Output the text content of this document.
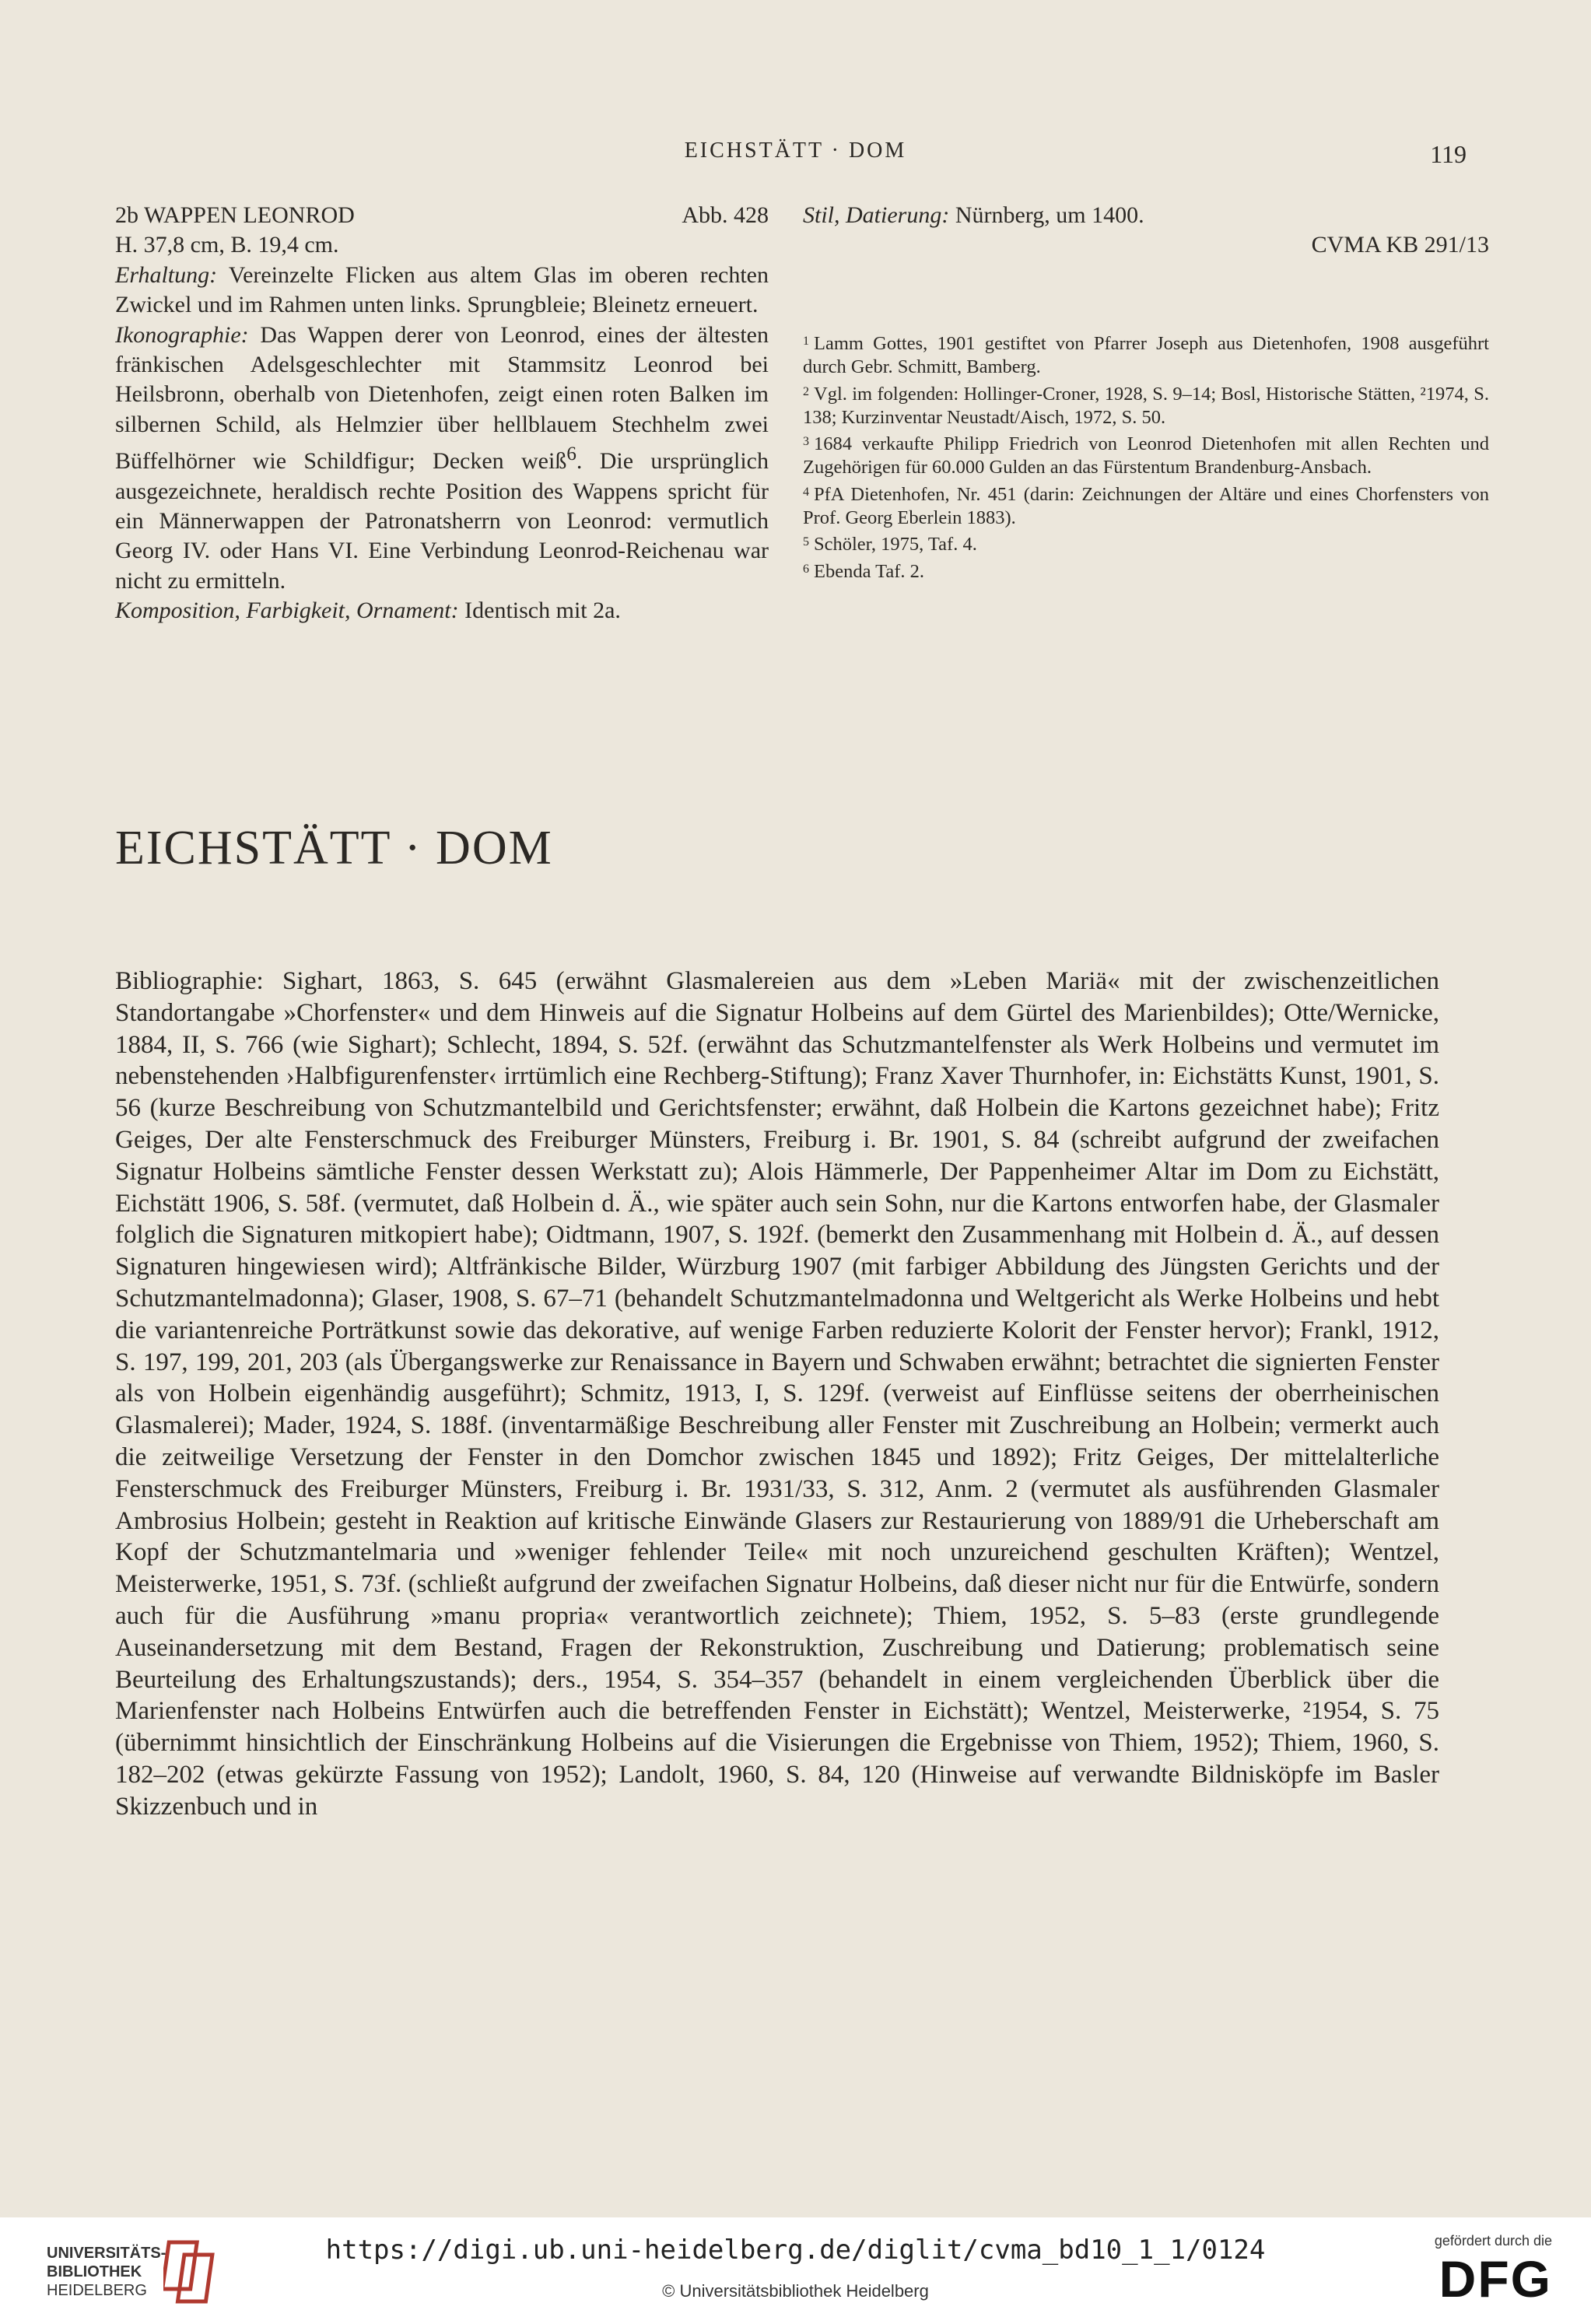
EICHSTÄTT · DOM	119
2b WAPPEN LEONROD	Abb. 428

H. 37,8 cm, B. 19,4 cm.

Erhaltung: Vereinzelte Flicken aus altem Glas im oberen rechten Zwickel und im Rahmen unten links. Sprungbleie; Bleinetz erneuert.

Ikonographie: Das Wappen derer von Leonrod, eines der ältesten fränkischen Adelsgeschlechter mit Stammsitz Leonrod bei Heilsbronn, oberhalb von Dietenhofen, zeigt einen roten Balken im silbernen Schild, als Helmzier über hellblauem Stechhelm zwei Büffelhörner wie Schildfigur; Decken weiß$^6$. Die ursprünglich ausgezeichnete, heraldisch rechte Position des Wappens spricht für ein Männerwappen der Patronatsherrn von Leonrod: vermutlich Georg IV. oder Hans VI. Eine Verbindung Leonrod-Reichenau war nicht zu ermitteln.

Komposition, Farbigkeit, Ornament: Identisch mit 2a.

Stil, Datierung: Nürnberg, um 1400.
CVMA KB 291/13

$^1$ Lamm Gottes, 1901 gestiftet von Pfarrer Joseph aus Dietenhofen, 1908 ausgeführt durch Gebr. Schmitt, Bamberg.

$^2$ Vgl. im folgenden: Hollinger-Croner, 1928, S. 9–14; Bosl, Historische Stätten, ²1974, S. 138; Kurzinventar Neustadt/Aisch, 1972, S. 50.

$^3$ 1684 verkaufte Philipp Friedrich von Leonrod Dietenhofen mit allen Rechten und Zugehörigen für 60.000 Gulden an das Fürstentum Brandenburg-Ansbach.

$^4$ PfA Dietenhofen, Nr. 451 (darin: Zeichnungen der Altäre und eines Chorfensters von Prof. Georg Eberlein 1883).

$^5$ Schöler, 1975, Taf. 4.

$^6$ Ebenda Taf. 2.

EICHSTÄTT · DOM

Bibliographie: Sighart, 1863, S. 645 (erwähnt Glasmalereien aus dem »Leben Mariä« mit der zwischenzeitlichen Standortangabe »Chorfenster« und dem Hinweis auf die Signatur Holbeins auf dem Gürtel des Marienbildes); Otte/Wernicke, 1884, II, S. 766 (wie Sighart); Schlecht, 1894, S. 52f. (erwähnt das Schutzmantelfenster als Werk Holbeins und vermutet im nebenstehenden ›Halbfigurenfenster‹ irrtümlich eine Rechberg-Stiftung); Franz Xaver Thurnhofer, in: Eichstätts Kunst, 1901, S. 56 (kurze Beschreibung von Schutzmantelbild und Gerichtsfenster; erwähnt, daß Holbein die Kartons gezeichnet habe); Fritz Geiges, Der alte Fensterschmuck des Freiburger Münsters, Freiburg i. Br. 1901, S. 84 (schreibt aufgrund der zweifachen Signatur Holbeins sämtliche Fenster dessen Werkstatt zu); Alois Hämmerle, Der Pappenheimer Altar im Dom zu Eichstätt, Eichstätt 1906, S. 58f. (vermutet, daß Holbein d. Ä., wie später auch sein Sohn, nur die Kartons entworfen habe, der Glasmaler folglich die Signaturen mitkopiert habe); Oidtmann, 1907, S. 192f. (bemerkt den Zusammenhang mit Holbein d. Ä., auf dessen Signaturen hingewiesen wird); Altfränkische Bilder, Würzburg 1907 (mit farbiger Abbildung des Jüngsten Gerichts und der Schutzmantelmadonna); Glaser, 1908, S. 67–71 (behandelt Schutzmantelmadonna und Weltgericht als Werke Holbeins und hebt die variantenreiche Porträtkunst sowie das dekorative, auf wenige Farben reduzierte Kolorit der Fenster hervor); Frankl, 1912, S. 197, 199, 201, 203 (als Übergangswerke zur Renaissance in Bayern und Schwaben erwähnt; betrachtet die signierten Fenster als von Holbein eigenhändig ausgeführt); Schmitz, 1913, I, S. 129f. (verweist auf Einflüsse seitens der oberrheinischen Glasmalerei); Mader, 1924, S. 188f. (inventarmäßige Beschreibung aller Fenster mit Zuschreibung an Holbein; vermerkt auch die zeitweilige Versetzung der Fenster in den Domchor zwischen 1845 und 1892); Fritz Geiges, Der mittelalterliche Fensterschmuck des Freiburger Münsters, Freiburg i. Br. 1931/33, S. 312, Anm. 2 (vermutet als ausführenden Glasmaler Ambrosius Holbein; gesteht in Reaktion auf kritische Einwände Glasers zur Restaurierung von 1889/91 die Urheberschaft am Kopf der Schutzmantelmaria und »weniger fehlender Teile« mit noch unzureichend geschulten Kräften); Wentzel, Meisterwerke, 1951, S. 73f. (schließt aufgrund der zweifachen Signatur Holbeins, daß dieser nicht nur für die Entwürfe, sondern auch für die Ausführung »manu propria« verantwortlich zeichnete); Thiem, 1952, S. 5–83 (erste grundlegende Auseinandersetzung mit dem Bestand, Fragen der Rekonstruktion, Zuschreibung und Datierung; problematisch seine Beurteilung des Erhaltungszustands); ders., 1954, S. 354–357 (behandelt in einem vergleichenden Überblick über die Marienfenster nach Holbeins Entwürfen auch die betreffenden Fenster in Eichstätt); Wentzel, Meisterwerke, ²1954, S. 75 (übernimmt hinsichtlich der Einschränkung Holbeins auf die Visierungen die Ergebnisse von Thiem, 1952); Thiem, 1960, S. 182–202 (etwas gekürzte Fassung von 1952); Landolt, 1960, S. 84, 120 (Hinweise auf verwandte Bildnisköpfe im Basler Skizzenbuch und in

UNIVERSITÄTS-
BIBLIOTHEK
HEIDELBERG
https://digi.ub.uni-heidelberg.de/diglit/cvma_bd10_1_1/0124
© Universitätsbibliothek Heidelberg
gefördert durch die
DFG
